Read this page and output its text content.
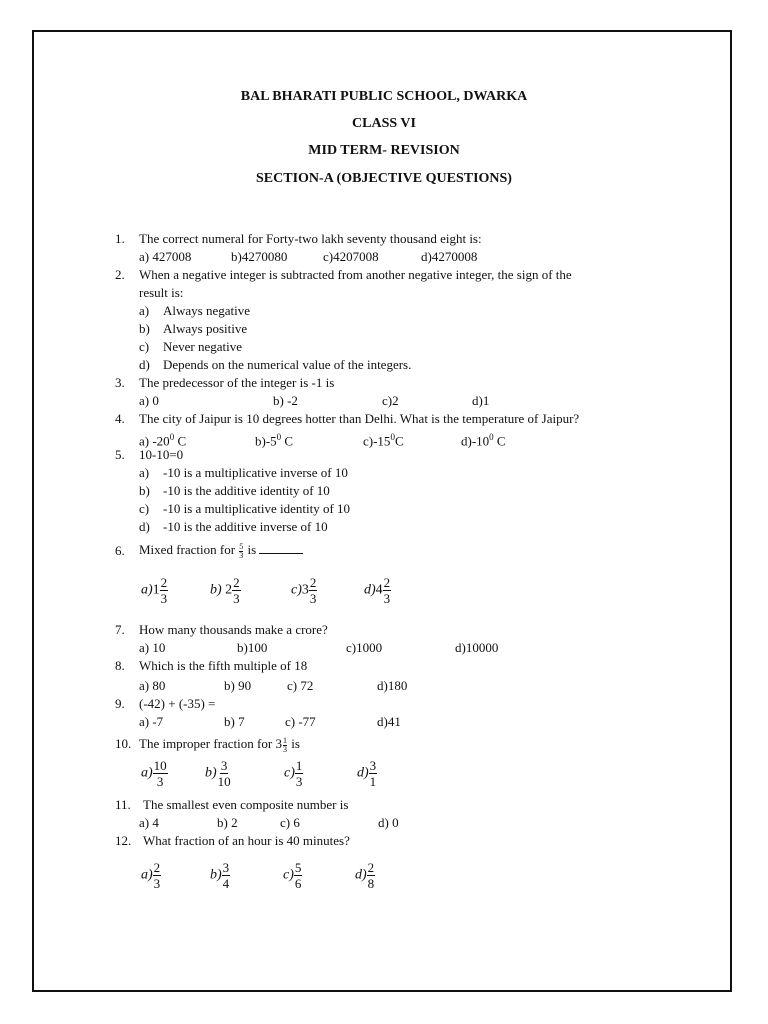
BAL BHARATI PUBLIC SCHOOL, DWARKA
CLASS VI
MID TERM- REVISION
SECTION-A (OBJECTIVE QUESTIONS)
1. The correct numeral for Forty-two lakh seventy thousand eight is:
a) 427008	b)4270080	c)4207008	d)4270008
2. When a negative integer is subtracted from another negative integer, the sign of the
result is:
a) Always negative
b) Always positive
c) Never negative
d) Depends on the numerical value of the integers.
3. The predecessor of the integer is -1 is
a) 0	b) -2	c)2	d)1
4. The city of Jaipur is 10 degrees hotter than Delhi. What is the temperature of Jaipur?
a) $-20^0$ C	$b)-5^0$ C	$c)-15^0C$	$d)-10^0$ C
5. 10-10=0
a) -10 is a multiplicative inverse of 10
b) -10 is the additive identity of 10
c) -10 is a multiplicative identity of 10
d) -10 is the additive inverse of 10
6. Mixed fraction for $\frac{5}{3}$ is
$a)1 \frac{2}{3}$	b) $2 \frac{2}{3}$	$c)3 \frac{2}{3}$	$d)4 \frac{2}{3}$
7. How many thousands make a crore?
a) 10	b)100	c)1000	d)10000
8. Which is the fifth multiple of 18
a) 80	b) 90	c) 72	d)180
9. (-42) + (-35) =
a) -7	b) 7	c) -77	d)41
10. The improper fraction for $3 \frac{1}{3}$ is
$a) \frac{10}{3}$	$b) \frac{3}{10}$	$c) \frac{1}{3}$	$d) \frac{3}{1}$
11. The smallest even composite number is
a) 4	b) 2	c) 6	d) 0
12. What fraction of an hour is 40 minutes?
$a) \frac{2}{3}$	$b) \frac{3}{4}$	$c) \frac{5}{6}$	$d) \frac{2}{8}$
